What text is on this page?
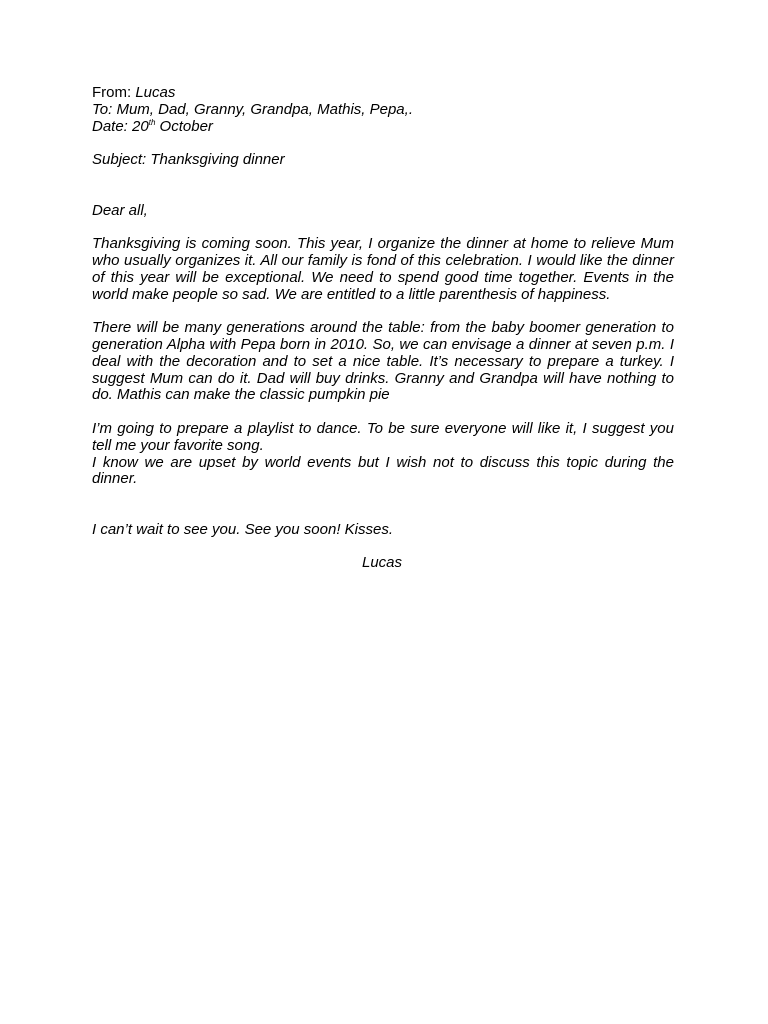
From: Lucas
To: Mum, Dad, Granny, Grandpa, Mathis, Pepa,.
Date: 20th October
Subject: Thanksgiving dinner
Dear all,

Thanksgiving is coming soon. This year, I organize the dinner at home to relieve Mum who usually organizes it. All our family is fond of this celebration. I would like the dinner of this year will be exceptional. We need to spend good time together. Events in the world make people so sad. We are entitled to a little parenthesis of happiness.

There will be many generations around the table: from the baby boomer generation to generation Alpha with Pepa born in 2010. So, we can envisage a dinner at seven p.m. I deal with the decoration and to set a nice table. It’s necessary to prepare a turkey. I suggest Mum can do it. Dad will buy drinks. Granny and Grandpa will have nothing to do. Mathis can make the classic pumpkin pie

I’m going to prepare a playlist to dance. To be sure everyone will like it, I suggest you tell me your favorite song.

I know we are upset by world events but I wish not to discuss this topic during the dinner.

I can’t wait to see you. See you soon! Kisses.
Lucas
